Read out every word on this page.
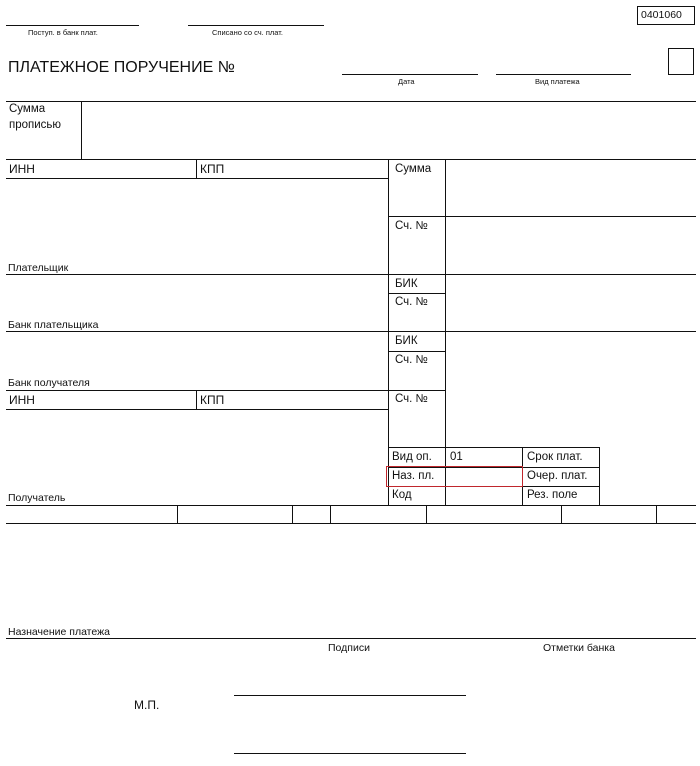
0401060
Поступ. в банк плат.	Списано со сч. плат.
ПЛАТЕЖНОЕ ПОРУЧЕНИЕ №
Дата	Вид платежа
Сумма
прописью
ИНН	КПП
Плательщик
Банк плательщика
Банк получателя
ИНН	КПП
Получатель
Сумма
Сч. №
БИК
Сч. №
БИК
Сч. №
Сч. №
Вид оп. 01	Срок плат.
Наз. пл.	Очер. плат.
Код	Рез. поле
Назначение платежа
Подписи	Отметки банка
М.П.
